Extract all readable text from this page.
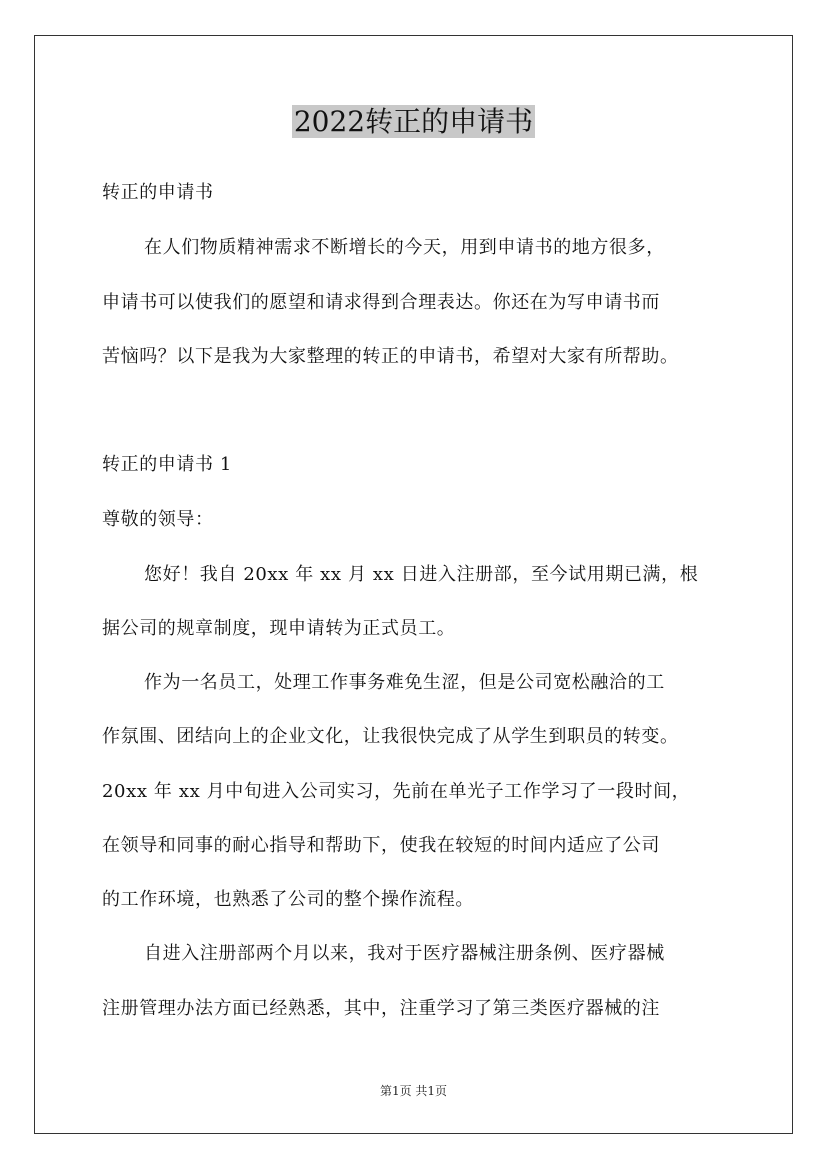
2022转正的申请书
转正的申请书
在人们物质精神需求不断增长的今天，用到申请书的地方很多，
申请书可以使我们的愿望和请求得到合理表达。你还在为写申请书而
苦恼吗？以下是我为大家整理的转正的申请书，希望对大家有所帮助。
转正的申请书 1
尊敬的领导：
您好！我自 20xx 年 xx 月 xx 日进入注册部，至今试用期已满，根
据公司的规章制度，现申请转为正式员工。
作为一名员工，处理工作事务难免生涩，但是公司宽松融洽的工
作氛围、团结向上的企业文化，让我很快完成了从学生到职员的转变。
20xx 年 xx 月中旬进入公司实习，先前在单光子工作学习了一段时间，
在领导和同事的耐心指导和帮助下，使我在较短的时间内适应了公司
的工作环境，也熟悉了公司的整个操作流程。
自进入注册部两个月以来，我对于医疗器械注册条例、医疗器械
注册管理办法方面已经熟悉，其中，注重学习了第三类医疗器械的注
第1页 共1页
